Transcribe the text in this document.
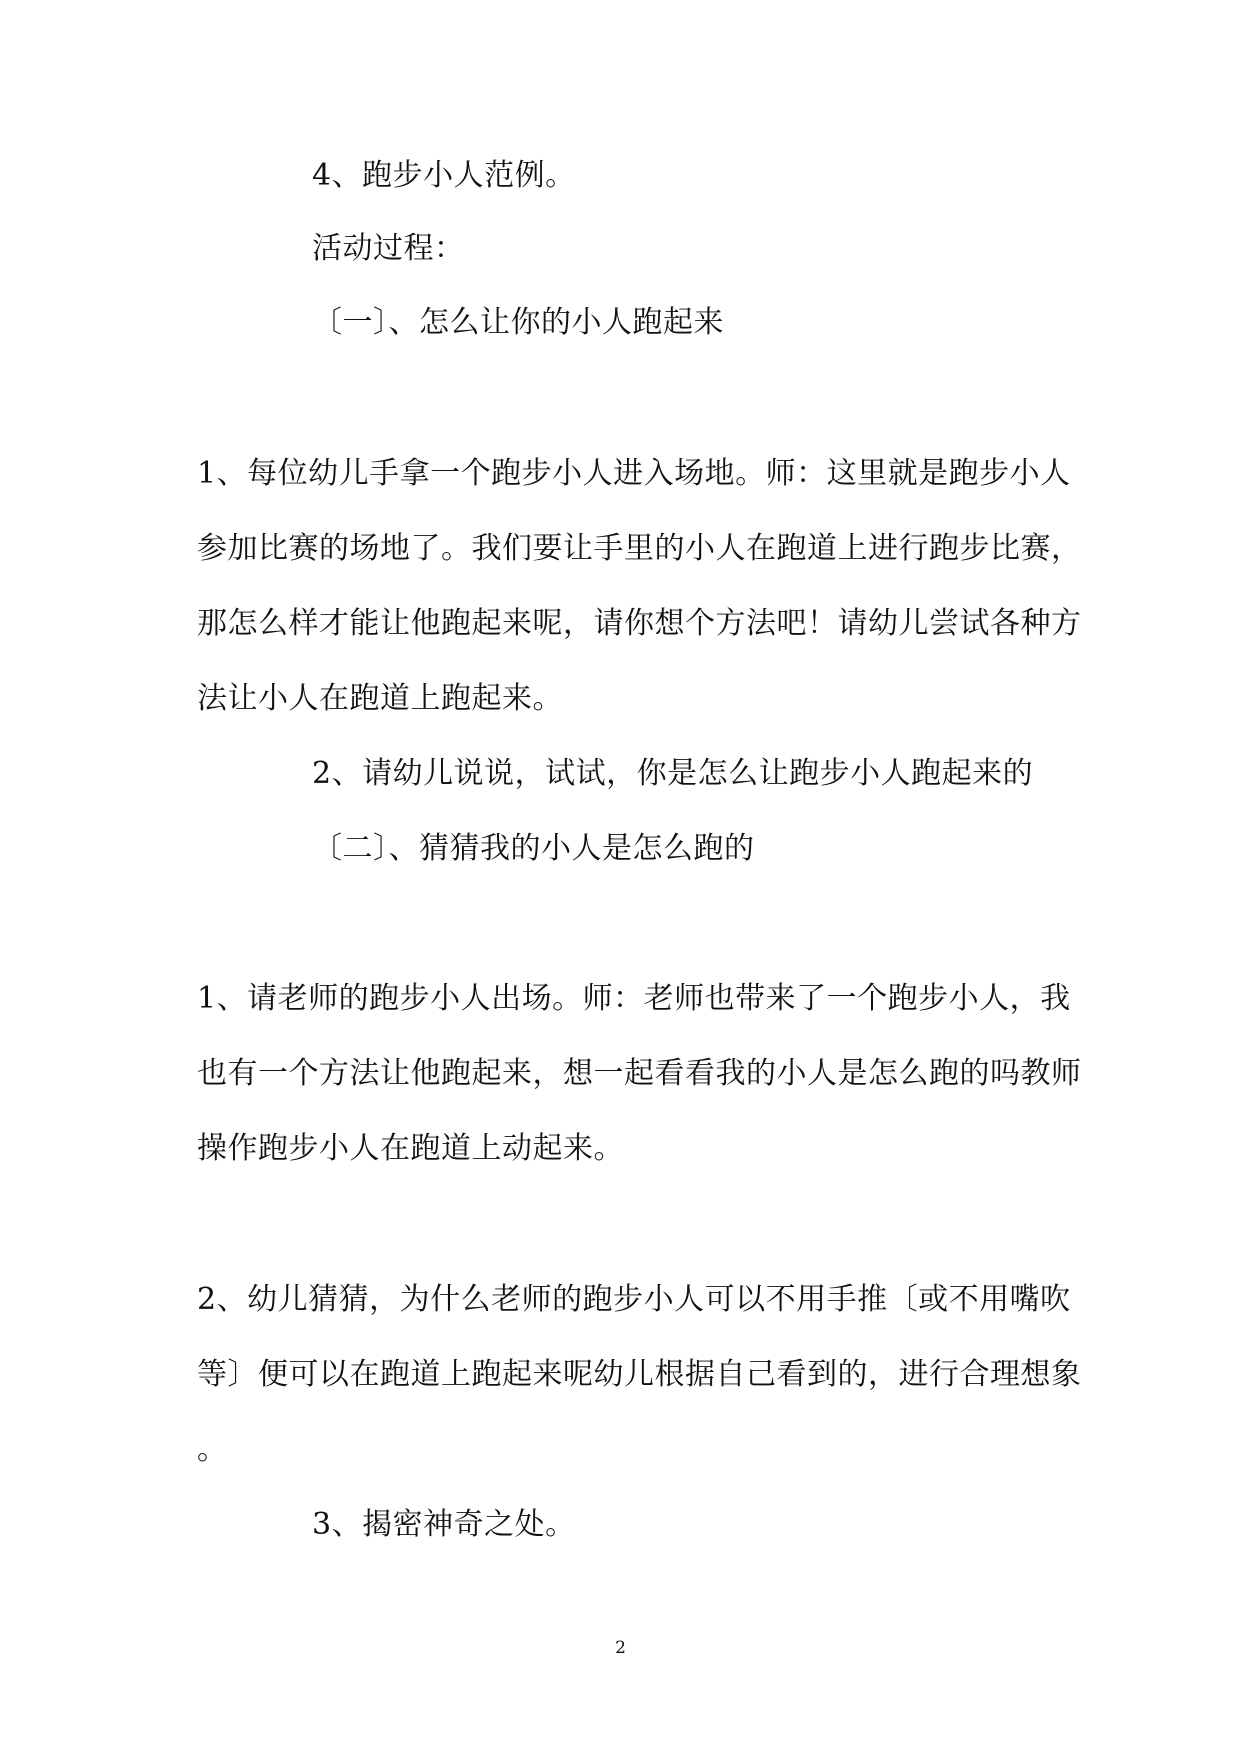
4、跑步小人范例。
活动过程：
〔一〕、怎么让你的小人跑起来
1、每位幼儿手拿一个跑步小人进入场地。师：这里就是跑步小人
参加比赛的场地了。我们要让手里的小人在跑道上进行跑步比赛，
那怎么样才能让他跑起来呢，请你想个方法吧！请幼儿尝试各种方
法让小人在跑道上跑起来。
2、请幼儿说说，试试，你是怎么让跑步小人跑起来的
〔二〕、猜猜我的小人是怎么跑的
1、请老师的跑步小人出场。师：老师也带来了一个跑步小人，我
也有一个方法让他跑起来，想一起看看我的小人是怎么跑的吗教师
操作跑步小人在跑道上动起来。
2、幼儿猜猜，为什么老师的跑步小人可以不用手推〔或不用嘴吹
等〕便可以在跑道上跑起来呢幼儿根据自己看到的，进行合理想象
。
3、揭密神奇之处。
2
